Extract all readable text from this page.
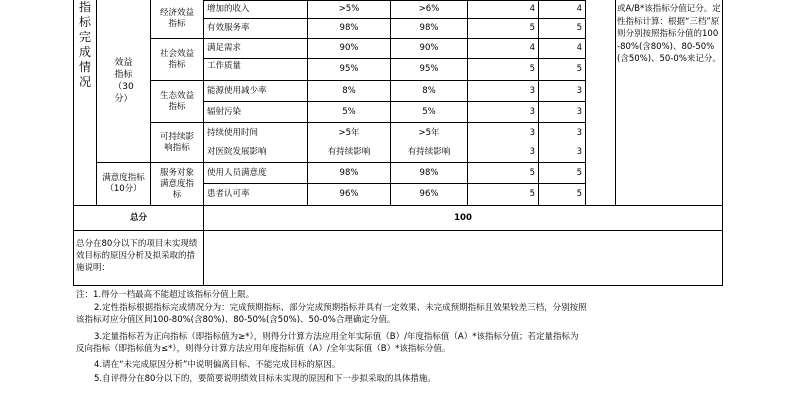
指标完成情况
效益指标（30分）
满意度指标（10分）
经济效益指标
社会效益指标
生态效益指标
可持续影响指标
服务对象满意度指标
增加的收入	>5%	>6%	4	4
有效服务率	98%	98%	5	5
满足需求	90%	90%	4	4
工作质量	95%	95%	5	5
能源使用减少率	8%	8%	3	3
辐射污染	5%	5%	3	3
持续使用时间	>5年	>5年	3	3
对医院发展影响	有持续影响	有持续影响	3	3
使用人员满意度	98%	98%	5	5
患者认可率	96%	96%	5	5
或A/B*该指标分值记分。定性指标计算：根据“三档”原则分别按照指标分值的100-80%(含80%)、80-50%(含50%)、50-0%来记分。
总分	100
总分在80分以下的项目未实现绩效目标的原因分析及拟采取的措施说明：
注：1.得分一档最高不能超过该指标分值上限。
2.定性指标根据指标完成情况分为：完成预期指标、部分完成预期指标并具有一定效果、未完成预期指标且效果较差三档，分别按照
该指标对应分值区间100-80%(含80%)、80-50%(含50%)、50-0%合理确定分值。
3.定量指标若为正向指标（即指标值为≥*），则得分计算方法应用全年实际值（B）/年度指标值（A）*该指标分值；若定量指标为
反向指标（即指标值为≤*），则得分计算方法应用年度指标值（A）/全年实际值（B）*该指标分值。
4.请在“未完成原因分析”中说明偏离目标、不能完成目标的原因。
5.自评得分在80分以下的，要简要说明绩效目标未实现的原因和下一步拟采取的具体措施。
